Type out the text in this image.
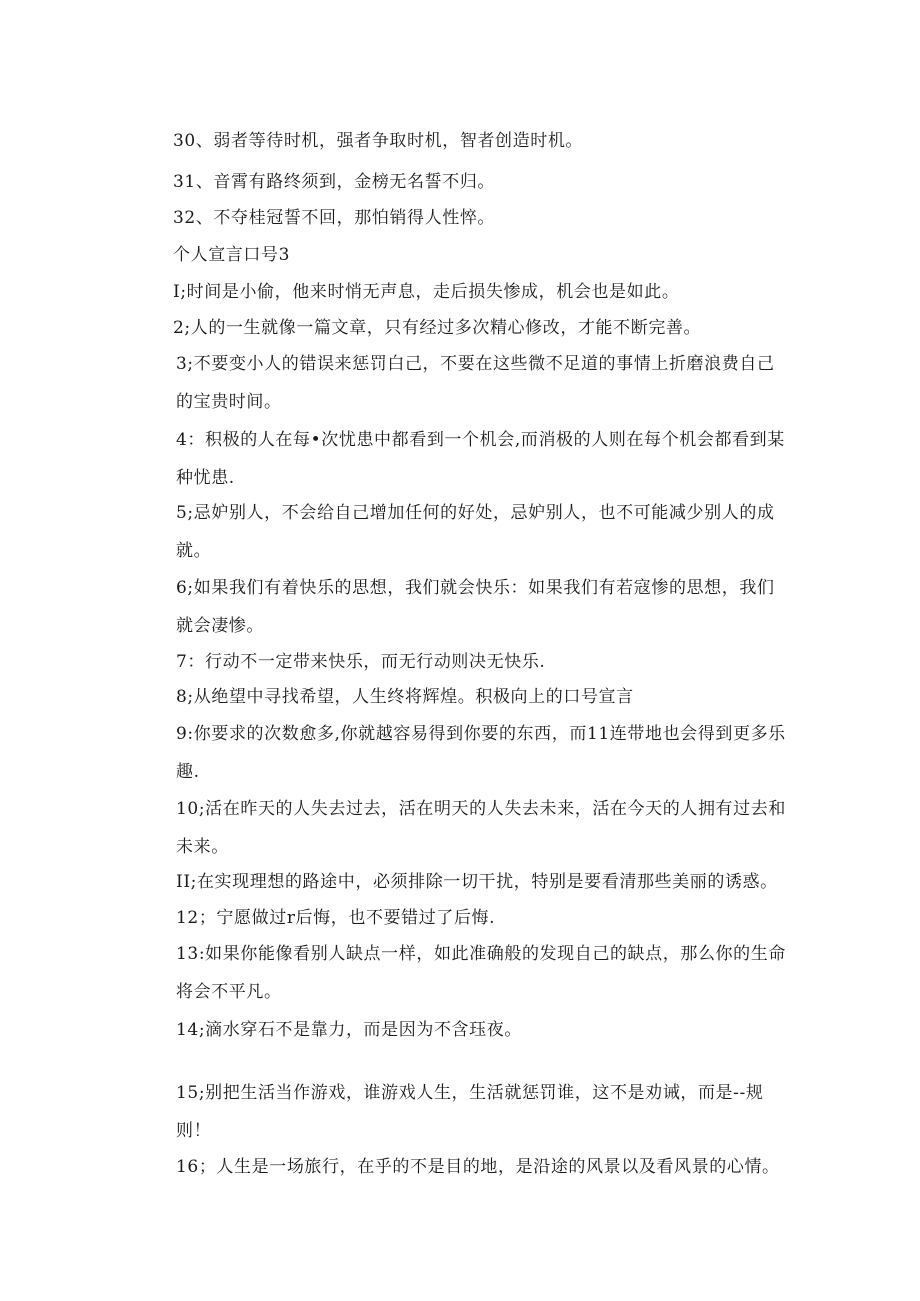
30、弱者等待时机，强者争取时机，智者创造时机。
31、音霄有路终须到，金榜无名誓不归。
32、不夺桂冠誓不回，那怕销得人性悴。
个人宣言口号3
I;时间是小偷，他来时悄无声息，走后损失惨成，机会也是如此。
2;人的一生就像一篇文章，只有经过多次精心修改，才能不断完善。
3;不要变小人的错误来惩罚白己，不要在这些微不足道的事情上折磨浪费自己的宝贵时间。
4：积极的人在每•次忧患中都看到一个机会,而消极的人则在每个机会都看到某种忧患.
5;忌妒别人，不会给自己增加任何的好处，忌妒别人，也不可能减少别人的成就。
6;如果我们有着快乐的思想，我们就会快乐：如果我们有若寇惨的思想，我们就会凄惨。
7：行动不一定带来快乐，而无行动则决无快乐.
8;从绝望中寻找希望，人生终将辉煌。积极向上的口号宣言
9:你要求的次数愈多,你就越容易得到你要的东西，而11连带地也会得到更多乐趣.
10;活在昨天的人失去过去，活在明天的人失去未来，活在今天的人拥有过去和未来。
II;在实现理想的路途中，必须排除一切干扰，特别是要看清那些美丽的诱惑。
12；宁愿做过r后悔，也不要错过了后悔.
13:如果你能像看别人缺点一样，如此准确般的发现自己的缺点，那么你的生命将会不平凡。
14;滴水穿石不是靠力，而是因为不含珏夜。
15;别把生活当作游戏，谁游戏人生，生活就惩罚谁，这不是劝诫，而是--规则！
16；人生是一场旅行，在乎的不是目的地，是沿途的风景以及看风景的心情。
